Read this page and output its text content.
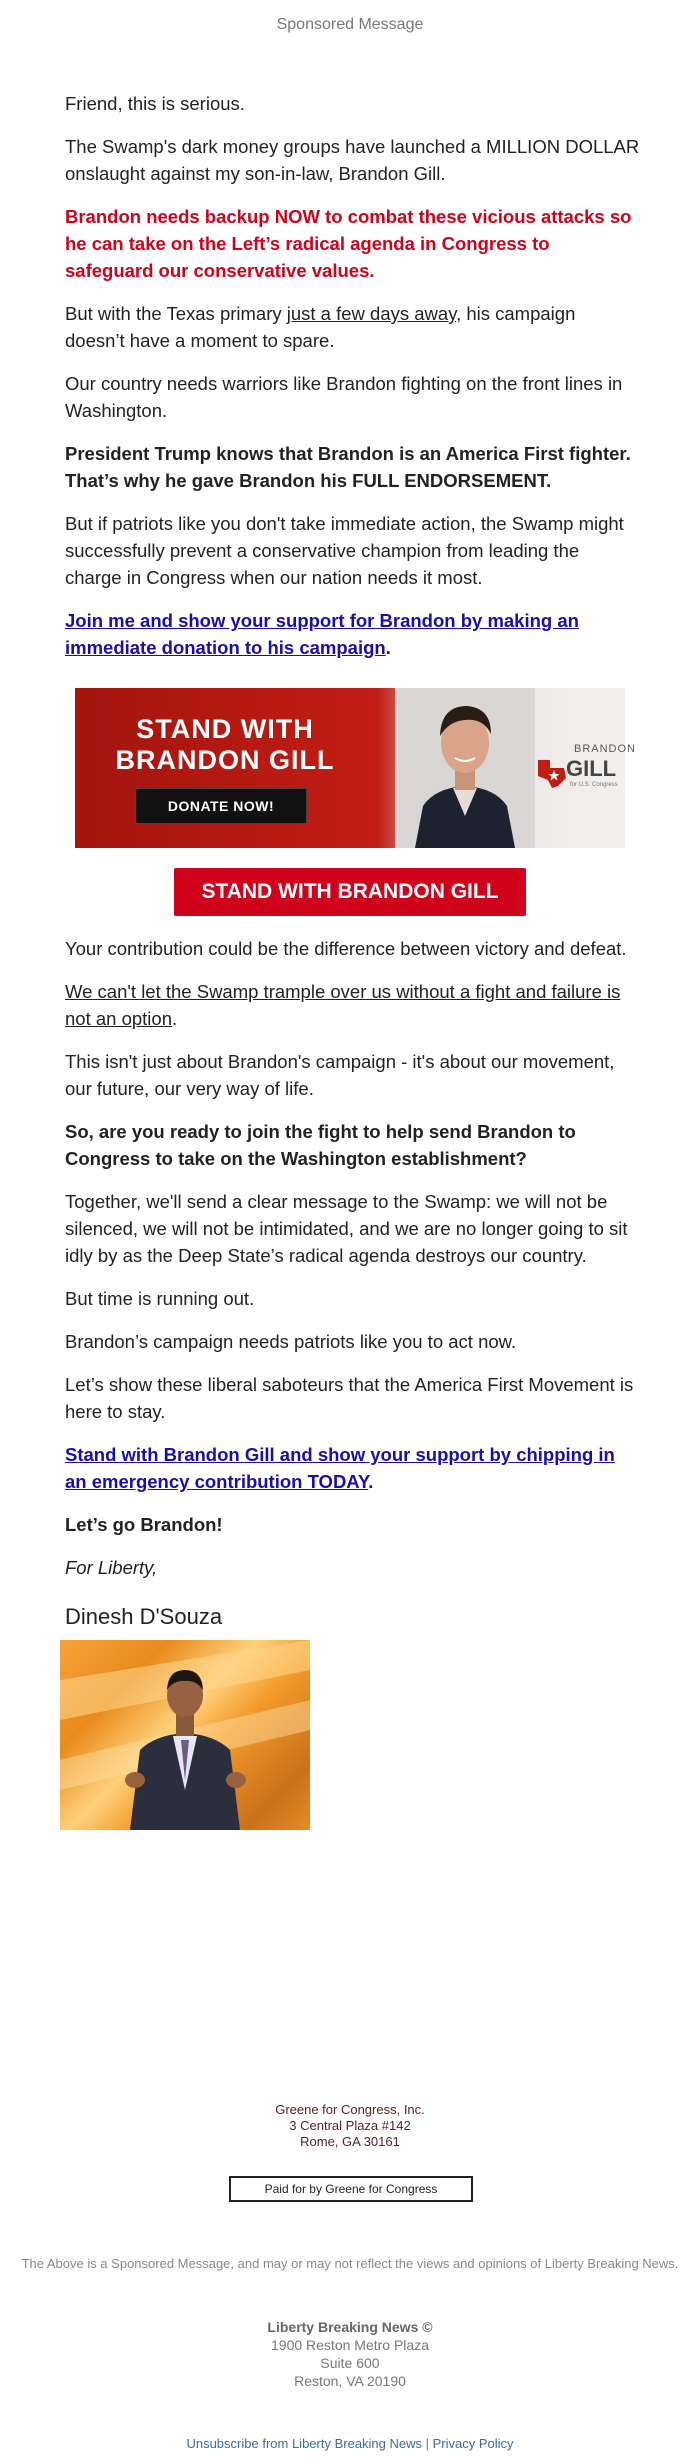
Sponsored Message

Friend, this is serious.

The Swamp's dark money groups have launched a MILLION DOLLAR onslaught against my son-in-law, Brandon Gill.

Brandon needs backup NOW to combat these vicious attacks so he can take on the Left’s radical agenda in Congress to safeguard our conservative values.

But with the Texas primary just a few days away, his campaign doesn’t have a moment to spare.

Our country needs warriors like Brandon fighting on the front lines in Washington.

President Trump knows that Brandon is an America First fighter. That’s why he gave Brandon his FULL ENDORSEMENT.

But if patriots like you don't take immediate action, the Swamp might successfully prevent a conservative champion from leading the charge in Congress when our nation needs it most.

Join me and show your support for Brandon by making an immediate donation to his campaign.

STAND WITH
BRANDON GILL
DONATE NOW!
BRANDON
GILL
for U.S. Congress
STAND WITH BRANDON GILL

Your contribution could be the difference between victory and defeat.

We can't let the Swamp trample over us without a fight and failure is not an option.

This isn't just about Brandon's campaign - it's about our movement, our future, our very way of life.

So, are you ready to join the fight to help send Brandon to Congress to take on the Washington establishment?

Together, we'll send a clear message to the Swamp: we will not be silenced, we will not be intimidated, and we are no longer going to sit idly by as the Deep State’s radical agenda destroys our country.

But time is running out.

Brandon’s campaign needs patriots like you to act now.

Let’s show these liberal saboteurs that the America First Movement is here to stay.

Stand with Brandon Gill and show your support by chipping in an emergency contribution TODAY.

Let’s go Brandon!

For Liberty,

Dinesh D'Souza
Greene for Congress, Inc.
3 Central Plaza #142
Rome, GA 30161
Paid for by Greene for Congress
The Above is a Sponsored Message, and may or may not reflect the views and opinions of Liberty Breaking News.
Liberty Breaking News ©
1900 Reston Metro Plaza
Suite 600
Reston, VA 20190
Unsubscribe from Liberty Breaking News | Privacy Policy
